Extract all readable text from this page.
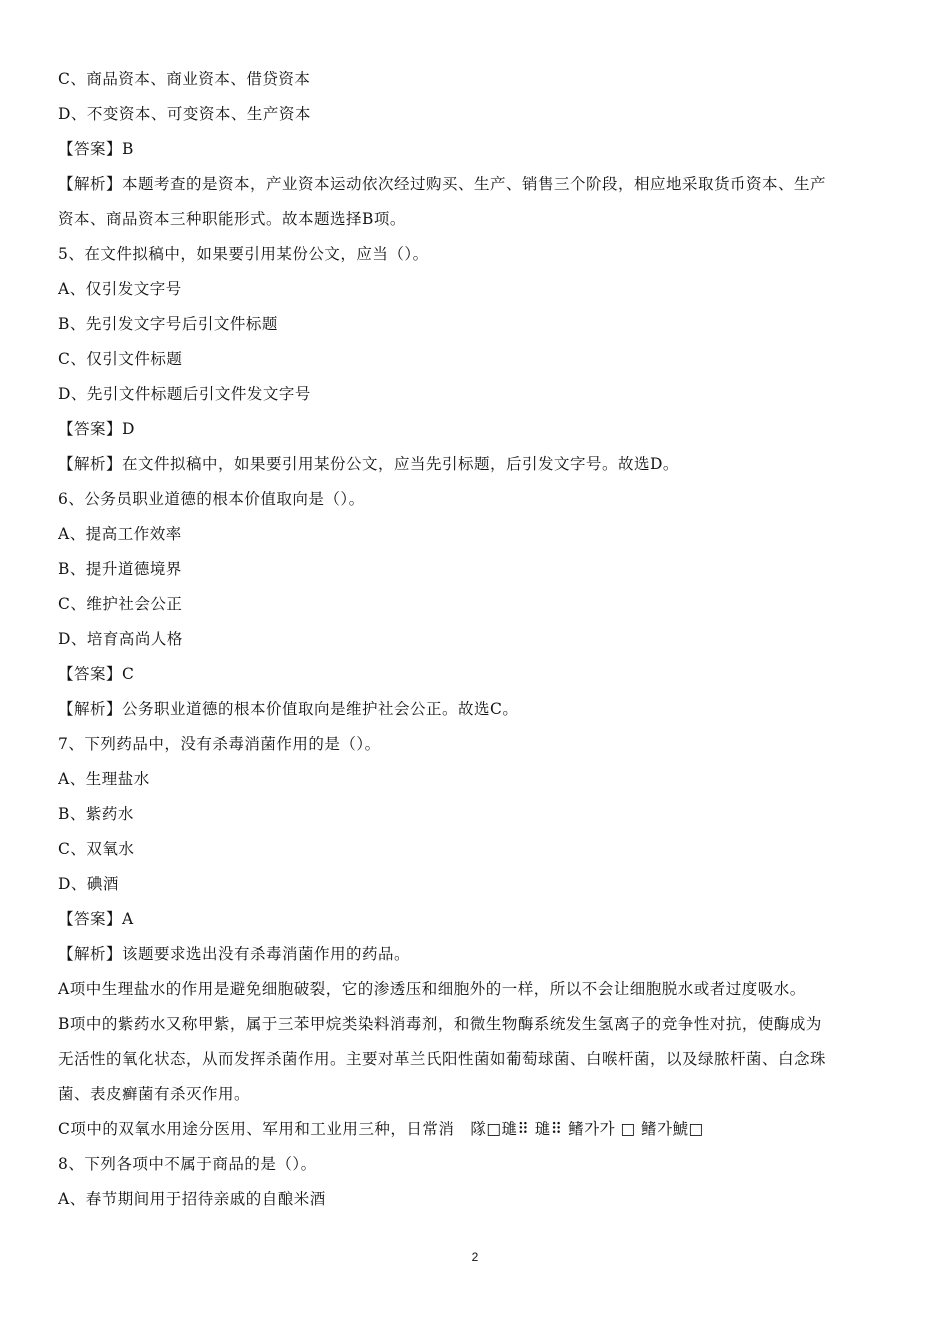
C、商品资本、商业资本、借贷资本
D、不变资本、可变资本、生产资本
【答案】B
【解析】本题考查的是资本，产业资本运动依次经过购买、生产、销售三个阶段，相应地采取货币资本、生产
资本、商品资本三种职能形式。故本题选择B项。
5、在文件拟稿中，如果要引用某份公文，应当（）。
A、仅引发文字号
B、先引发文字号后引文件标题
C、仅引文件标题
D、先引文件标题后引文件发文字号
【答案】D
【解析】在文件拟稿中，如果要引用某份公文，应当先引标题，后引发文字号。故选D。
6、公务员职业道德的根本价值取向是（）。
A、提高工作效率
B、提升道德境界
C、维护社会公正
D、培育高尚人格
【答案】C
【解析】公务职业道德的根本价值取向是维护社会公正。故选C。
7、下列药品中，没有杀毒消菌作用的是（）。
A、生理盐水
B、紫药水
C、双氧水
D、碘酒
【答案】A
【解析】该题要求选出没有杀毒消菌作用的药品。
A项中生理盐水的作用是避免细胞破裂，它的渗透压和细胞外的一样，所以不会让细胞脱水或者过度吸水。
B项中的紫药水又称甲紫，属于三苯甲烷类染料消毒剂，和微生物酶系统发生氢离子的竞争性对抗，使酶成为
无活性的氧化状态，从而发挥杀菌作用。主要对革兰氏阳性菌如葡萄球菌、白喉杆菌，以及绿脓杆菌、白念珠
菌、表皮癣菌有杀灭作用。
C项中的双氧水用途分医用、军用和工业用三种，日常消　隊□璡⠿ 璡⠿ 鳍가가 □ 鳍가鯱□
8、下列各项中不属于商品的是（）。
A、春节期间用于招待亲戚的自酿米酒
2
